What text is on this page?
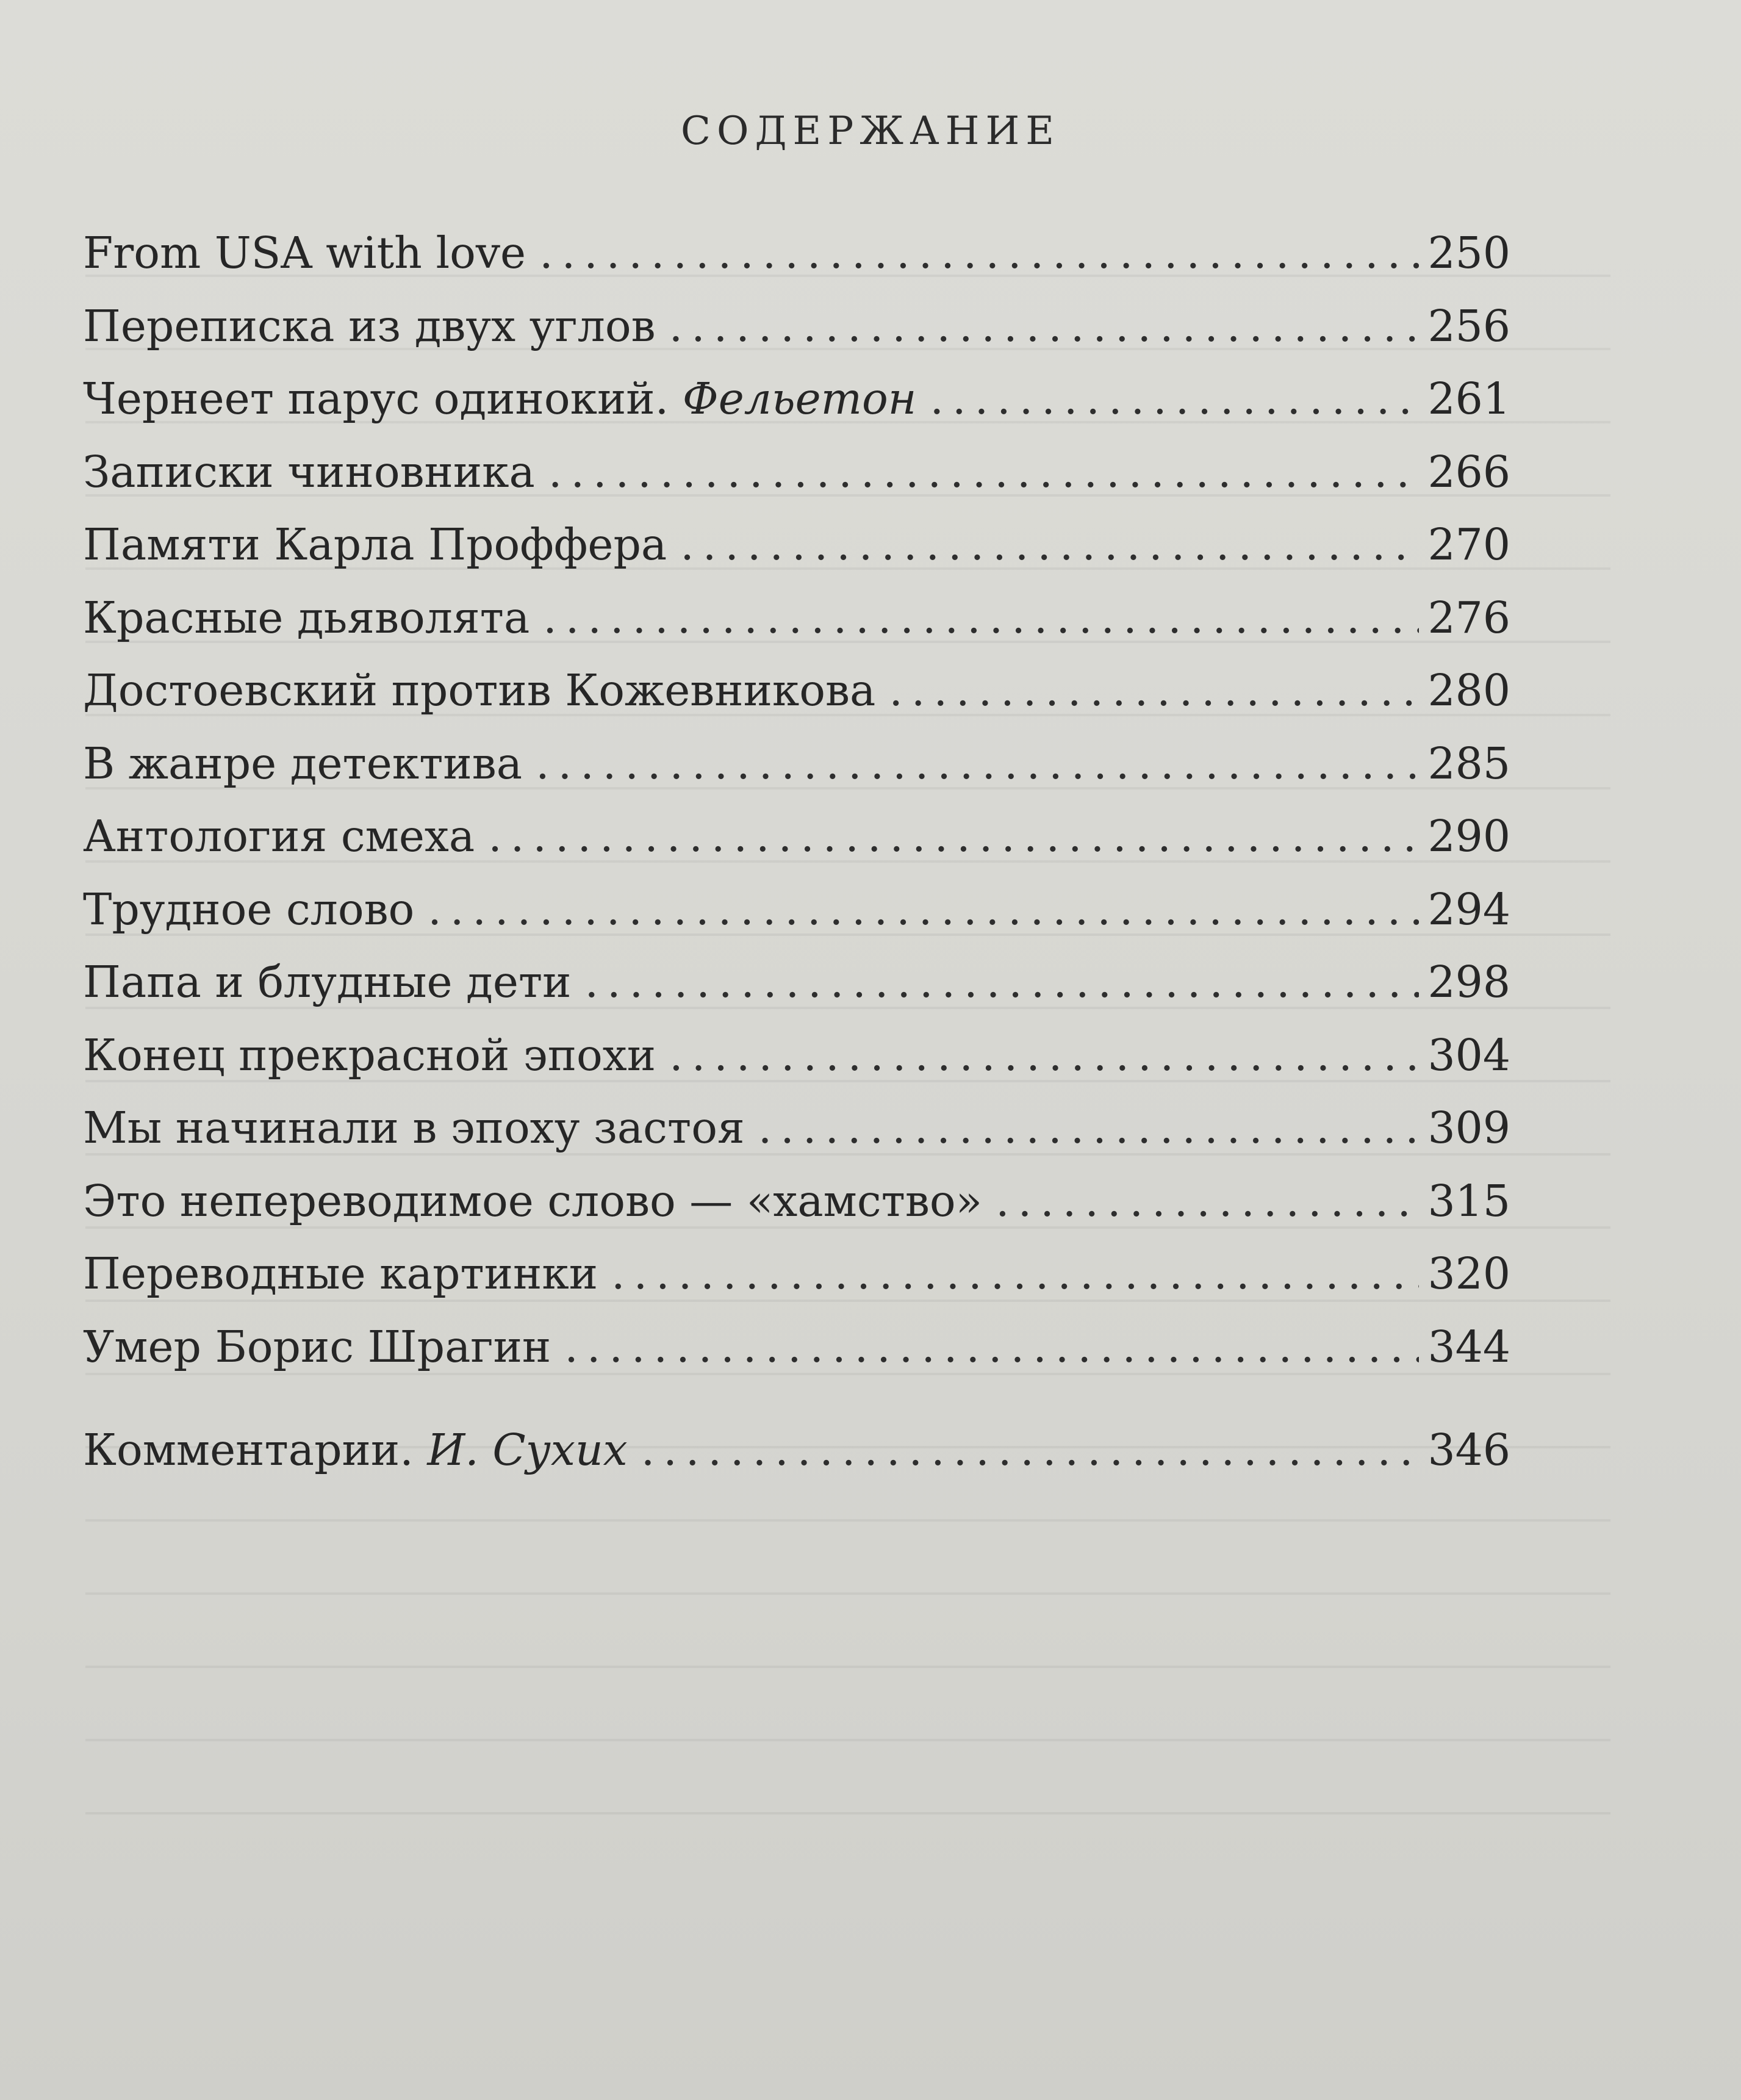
СОДЕРЖАНИЕ
From USA with love .....	250
Переписка из двух углов .....	256
Чернеет парус одинокий. Фельетон .....	261
Записки чиновника .....	266
Памяти Карла Проффера .....	270
Красные дьяволята .....	276
Достоевский против Кожевникова .....	280
В жанре детектива .....	285
Антология смеха .....	290
Трудное слово .....	294
Папа и блудные дети .....	298
Конец прекрасной эпохи .....	304
Мы начинали в эпоху застоя .....	309
Это непереводимое слово — «хамство» .....	315
Переводные картинки .....	320
Умер Борис Шрагин .....	344
Комментарии. И. Сухих .....	346
